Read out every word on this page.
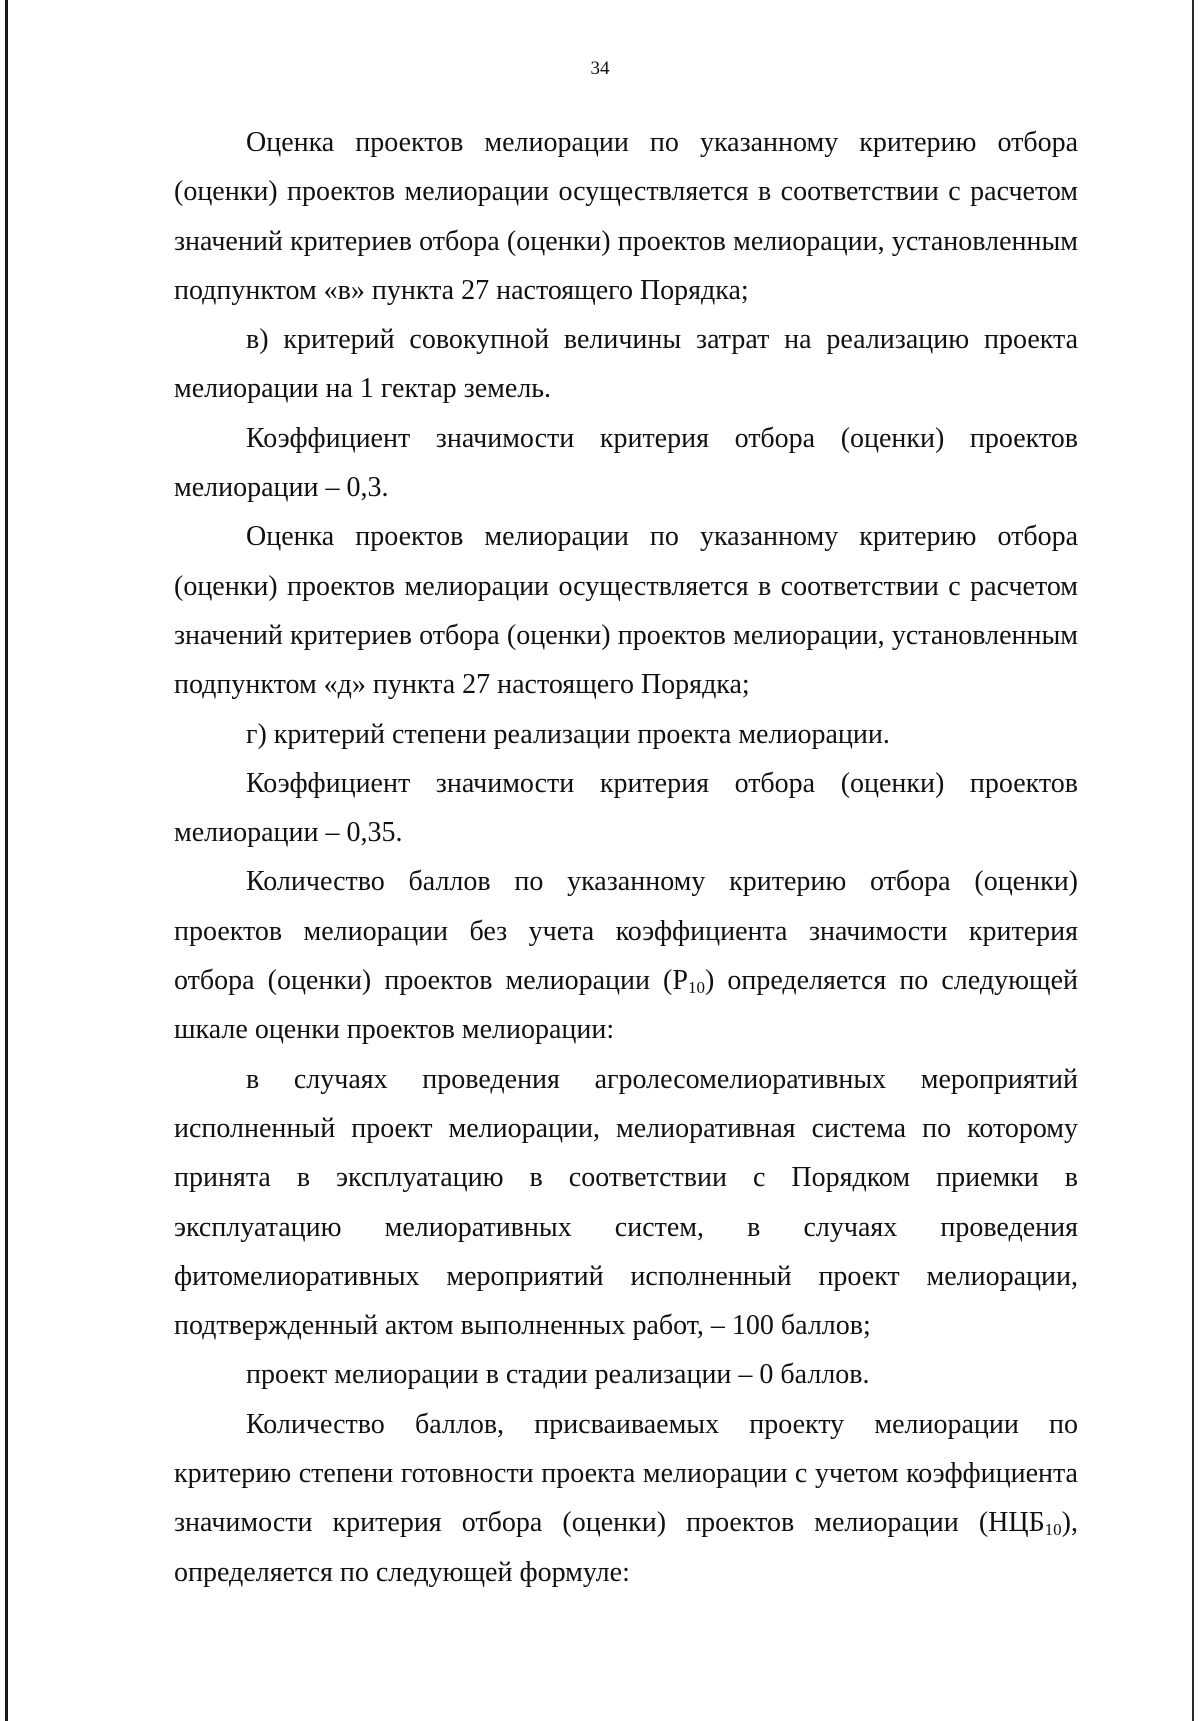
34

Оценка проектов мелиорации по указанному критерию отбора (оценки) проектов мелиорации осуществляется в соответствии с расчетом значений критериев отбора (оценки) проектов мелиорации, установленным подпунктом «в» пункта 27 настоящего Порядка;

в) критерий совокупной величины затрат на реализацию проекта мелиорации на 1 гектар земель.

Коэффициент значимости критерия отбора (оценки) проектов мелиорации – 0,3.

Оценка проектов мелиорации по указанному критерию отбора (оценки) проектов мелиорации осуществляется в соответствии с расчетом значений критериев отбора (оценки) проектов мелиорации, установленным подпунктом «д» пункта 27 настоящего Порядка;

г) критерий степени реализации проекта мелиорации.

Коэффициент значимости критерия отбора (оценки) проектов мелиорации – 0,35.

Количество баллов по указанному критерию отбора (оценки) проектов мелиорации без учета коэффициента значимости критерия отбора (оценки) проектов мелиорации $(Р_{10})$ определяется по следующей шкале оценки проектов мелиорации:

в случаях проведения агролесомелиоративных мероприятий исполненный проект мелиорации, мелиоративная система по которому принята в эксплуатацию в соответствии с Порядком приемки в эксплуатацию мелиоративных систем, в случаях проведения фитомелиоративных мероприятий исполненный проект мелиорации, подтвержденный актом выполненных работ, – 100 баллов;

проект мелиорации в стадии реализации – 0 баллов.

Количество баллов, присваиваемых проекту мелиорации по критерию степени готовности проекта мелиорации с учетом коэффициента значимости критерия отбора (оценки) проектов мелиорации $(НЦБ_{10})$, определяется по следующей формуле:
